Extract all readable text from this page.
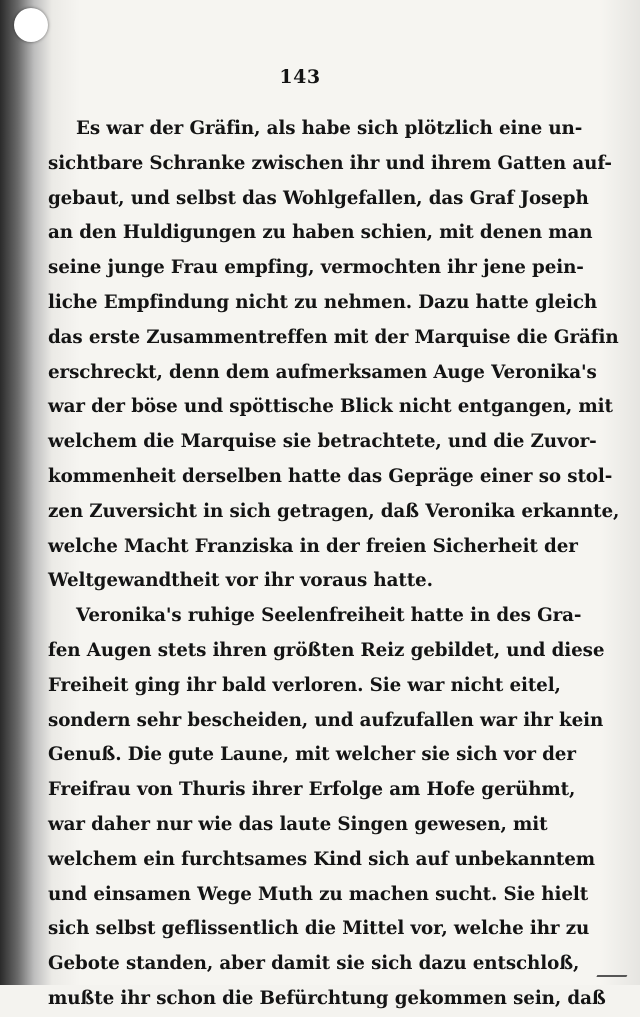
143
Es war der Gräfin, als habe sich plötzlich eine un-
sichtbare Schranke zwischen ihr und ihrem Gatten auf-
gebaut, und selbst das Wohlgefallen, das Graf Joseph
an den Huldigungen zu haben schien, mit denen man
seine junge Frau empfing, vermochten ihr jene pein-
liche Empfindung nicht zu nehmen. Dazu hatte gleich
das erste Zusammentreffen mit der Marquise die Gräfin
erschreckt, denn dem aufmerksamen Auge Veronika's
war der böse und spöttische Blick nicht entgangen, mit
welchem die Marquise sie betrachtete, und die Zuvor-
kommenheit derselben hatte das Gepräge einer so stol-
zen Zuversicht in sich getragen, daß Veronika erkannte,
welche Macht Franziska in der freien Sicherheit der
Weltgewandtheit vor ihr voraus hatte.
Veronika's ruhige Seelenfreiheit hatte in des Gra-
fen Augen stets ihren größten Reiz gebildet, und diese
Freiheit ging ihr bald verloren. Sie war nicht eitel,
sondern sehr bescheiden, und aufzufallen war ihr kein
Genuß. Die gute Laune, mit welcher sie sich vor der
Freifrau von Thuris ihrer Erfolge am Hofe gerühmt,
war daher nur wie das laute Singen gewesen, mit
welchem ein furchtsames Kind sich auf unbekanntem
und einsamen Wege Muth zu machen sucht. Sie hielt
sich selbst geflissentlich die Mittel vor, welche ihr zu
Gebote standen, aber damit sie sich dazu entschloß,
mußte ihr schon die Befürchtung gekommen sein, daß
